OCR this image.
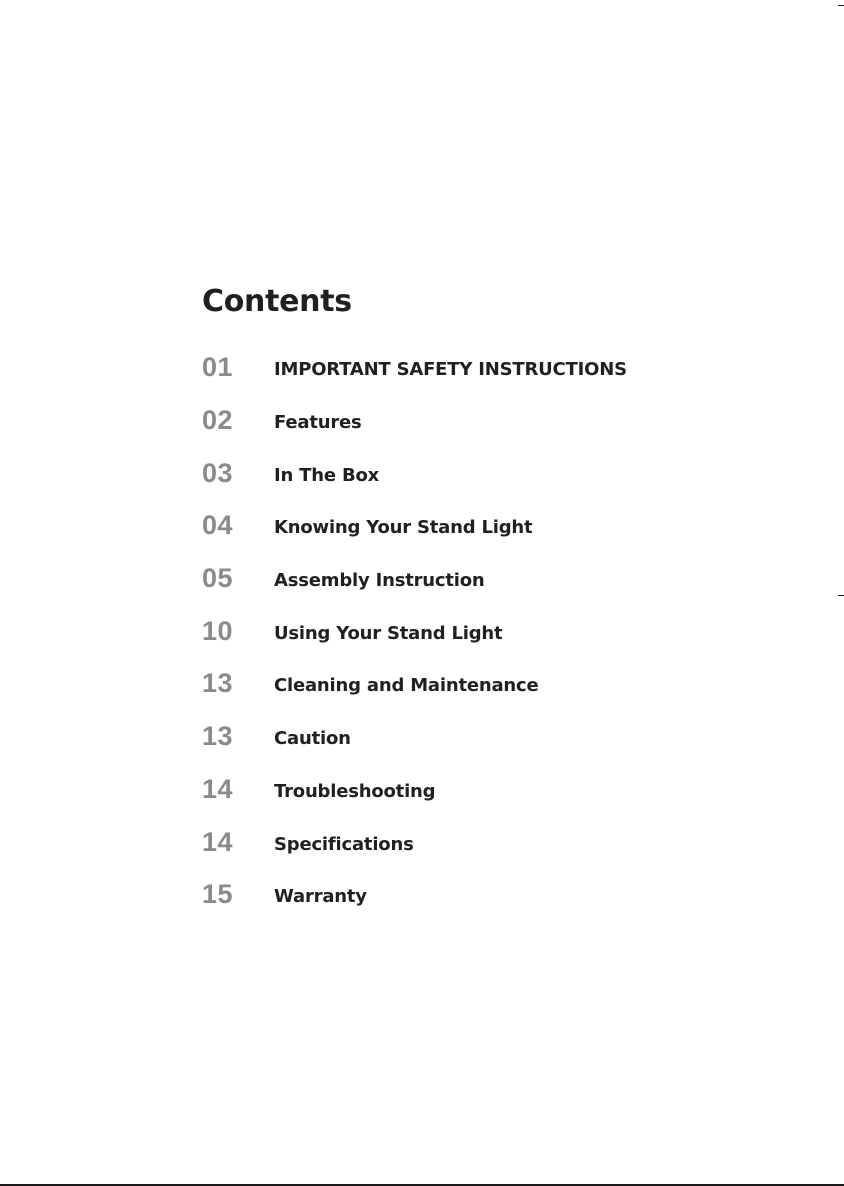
Contents
01	IMPORTANT SAFETY INSTRUCTIONS
02	Features
03	In The Box
04	Knowing Your Stand Light
05	Assembly Instruction
10	Using Your Stand Light
13	Cleaning and Maintenance
13	Caution
14	Troubleshooting
14	Specifications
15	Warranty
